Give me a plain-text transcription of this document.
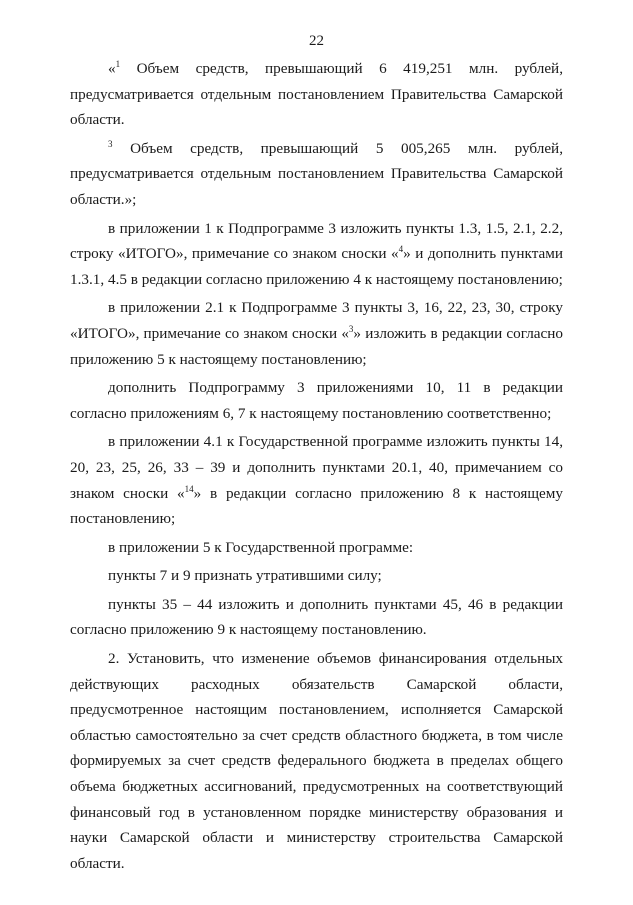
22

«$^1$ Объем средств, превышающий 6 419,251 млн. рублей, предусматривается отдельным постановлением Правительства Самарской области.

$^3$ Объем средств, превышающий 5 005,265 млн. рублей, предусматривается отдельным постановлением Правительства Самарской области.»;

в приложении 1 к Подпрограмме 3 изложить пункты 1.3, 1.5, 2.1, 2.2, строку «ИТОГО», примечание со знаком сноски «$^4$» и дополнить пунктами 1.3.1, 4.5 в редакции согласно приложению 4 к настоящему постановлению;

в приложении 2.1 к Подпрограмме 3 пункты 3, 16, 22, 23, 30, строку «ИТОГО», примечание со знаком сноски «$^3$» изложить в редакции согласно приложению 5 к настоящему постановлению;

дополнить Подпрограмму 3 приложениями 10, 11 в редакции согласно приложениям 6, 7 к настоящему постановлению соответственно;

в приложении 4.1 к Государственной программе изложить пункты 14, 20, 23, 25, 26, 33 – 39 и дополнить пунктами 20.1, 40, примечанием со знаком сноски «$^{14}$» в редакции согласно приложению 8 к настоящему постановлению;

в приложении 5 к Государственной программе:

пункты 7 и 9 признать утратившими силу;

пункты 35 – 44 изложить и дополнить пунктами 45, 46 в редакции согласно приложению 9 к настоящему постановлению.

2. Установить, что изменение объемов финансирования отдельных действующих расходных обязательств Самарской области, предусмотренное настоящим постановлением, исполняется Самарской областью самостоятельно за счет средств областного бюджета, в том числе формируемых за счет средств федерального бюджета в пределах общего объема бюджетных ассигнований, предусмотренных на соответствующий финансовый год в установленном порядке министерству образования и науки Самарской области и министерству строительства Самарской области.
